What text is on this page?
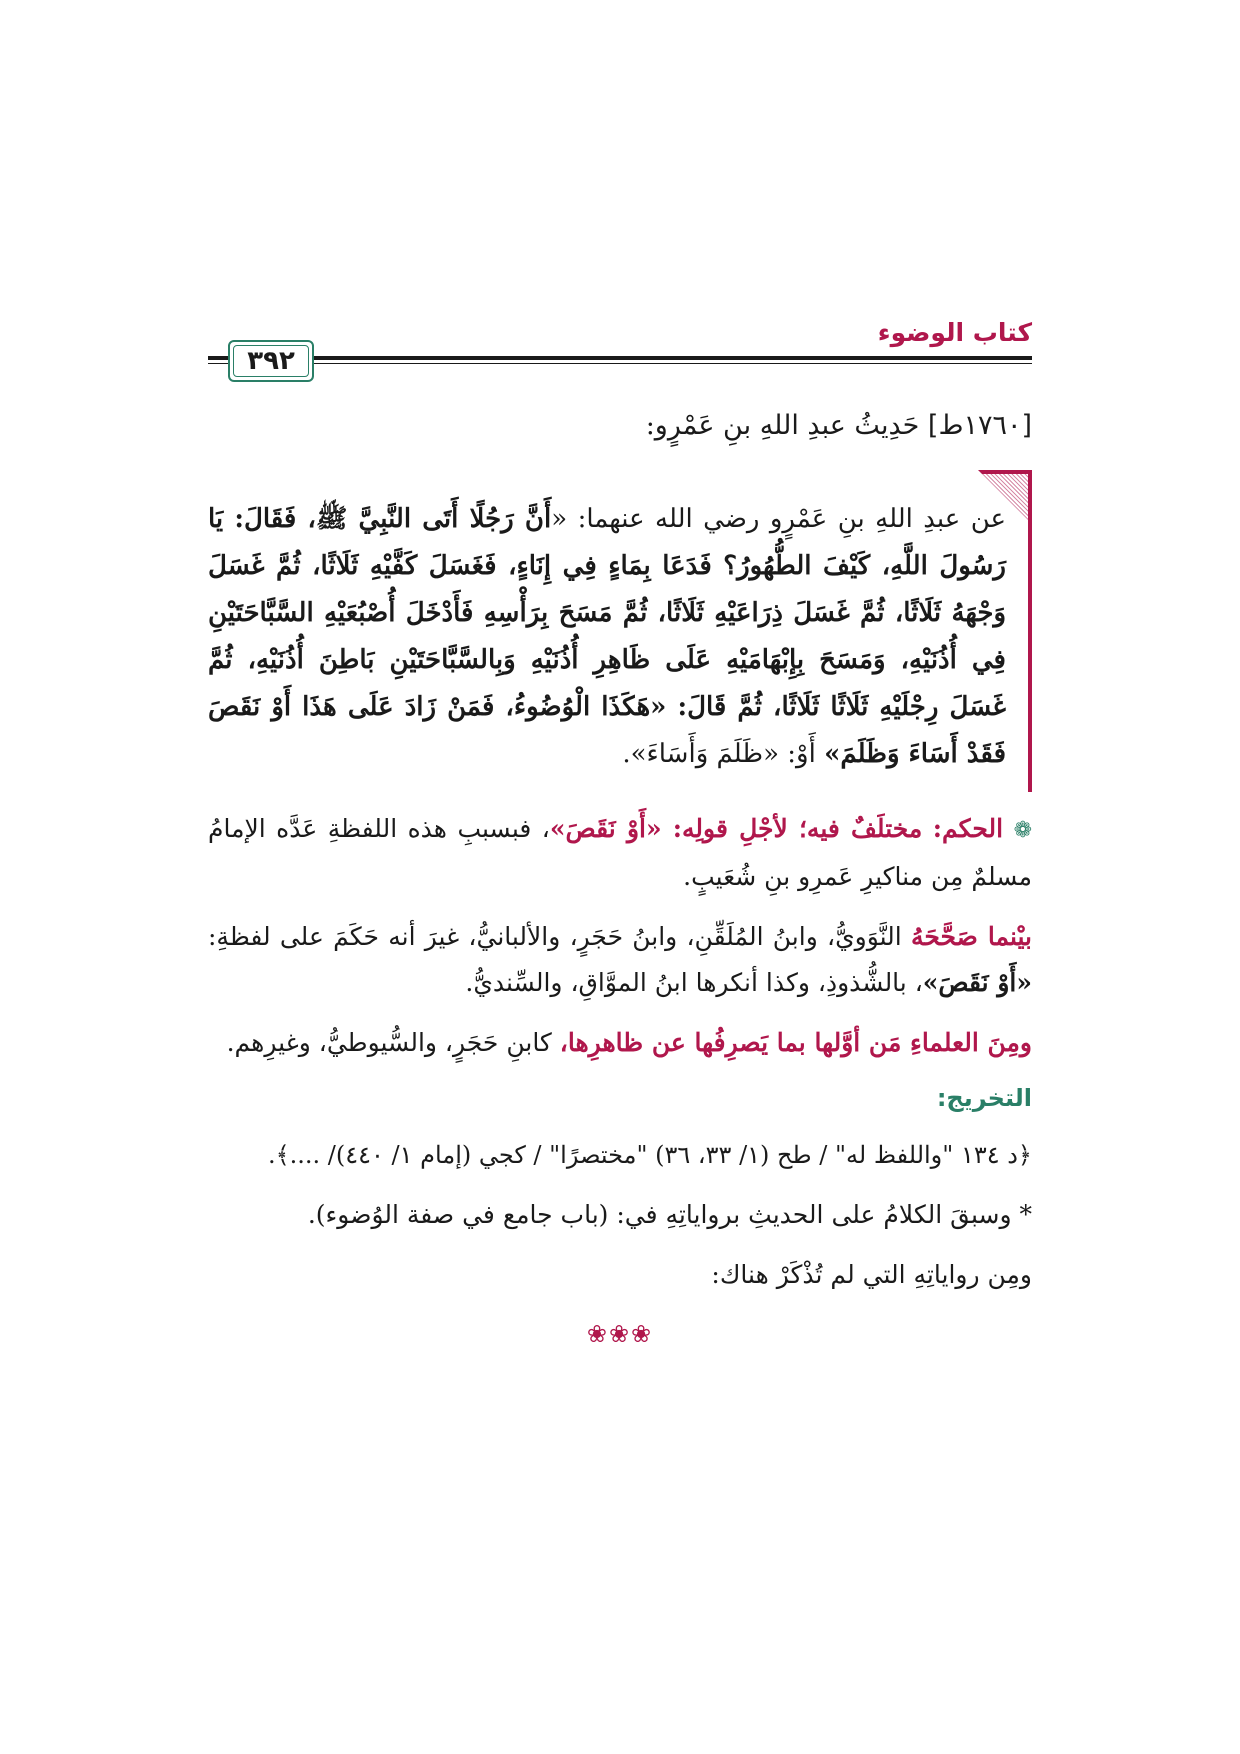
كتاب الوضوء
٣٩٢
[١٧٦٠ط] حَدِيثُ عبدِ اللهِ بنِ عَمْرٍو:
عن عبدِ اللهِ بنِ عَمْرٍو رضي الله عنهما: «أَنَّ رَجُلًا أَتَى النَّبِيَّ ﷺ، فَقَالَ: يَا رَسُولَ اللَّهِ، كَيْفَ الطُّهُورُ؟ فَدَعَا بِمَاءٍ فِي إِنَاءٍ، فَغَسَلَ كَفَّيْهِ ثَلَاثًا، ثُمَّ غَسَلَ وَجْهَهُ ثَلَاثًا، ثُمَّ غَسَلَ ذِرَاعَيْهِ ثَلَاثًا، ثُمَّ مَسَحَ بِرَأْسِهِ فَأَدْخَلَ أُصْبُعَيْهِ السَّبَّاحَتَيْنِ فِي أُذُنَيْهِ، وَمَسَحَ بِإِبْهَامَيْهِ عَلَى ظَاهِرِ أُذُنَيْهِ وَبِالسَّبَّاحَتَيْنِ بَاطِنَ أُذُنَيْهِ، ثُمَّ غَسَلَ رِجْلَيْهِ ثَلَاثًا ثَلَاثًا، ثُمَّ قَالَ: «هَكَذَا الْوُضُوءُ، فَمَنْ زَادَ عَلَى هَذَا أَوْ نَقَصَ فَقَدْ أَسَاءَ وَظَلَمَ» أَوْ: «ظَلَمَ وَأَسَاءَ».
❁ الحكم: مختلَفٌ فيه؛ لأجْلِ قولِه: «أَوْ نَقَصَ»، فبسببِ هذه اللفظةِ عَدَّه الإمامُ مسلمٌ مِن مناكيرِ عَمرِو بنِ شُعَيبٍ.
بيْنما صَحَّحَهُ النَّوَويُّ، وابنُ المُلَقِّنِ، وابنُ حَجَرٍ، والألبانيُّ، غيرَ أنه حَكَمَ على لفظةِ: «أَوْ نَقَصَ»، بالشُّذوذِ، وكذا أنكرها ابنُ الموَّاقِ، والسِّنديُّ.
ومِنَ العلماءِ مَن أوَّلها بما يَصرِفُها عن ظاهرِها، كابنِ حَجَرٍ، والسُّيوطيُّ، وغيرِهم.
التخريج:
﴿د ١٣٤ "واللفظ له" / طح (١/ ٣٣، ٣٦) "مختصرًا" / كجي (إمام ١/ ٤٤٠)/ ....﴾.
* وسبقَ الكلامُ على الحديثِ برواياتِهِ في: (باب جامع في صفة الوُضوء).
ومِن رواياتِهِ التي لم تُذْكَرْ هناك:
❀❀❀
